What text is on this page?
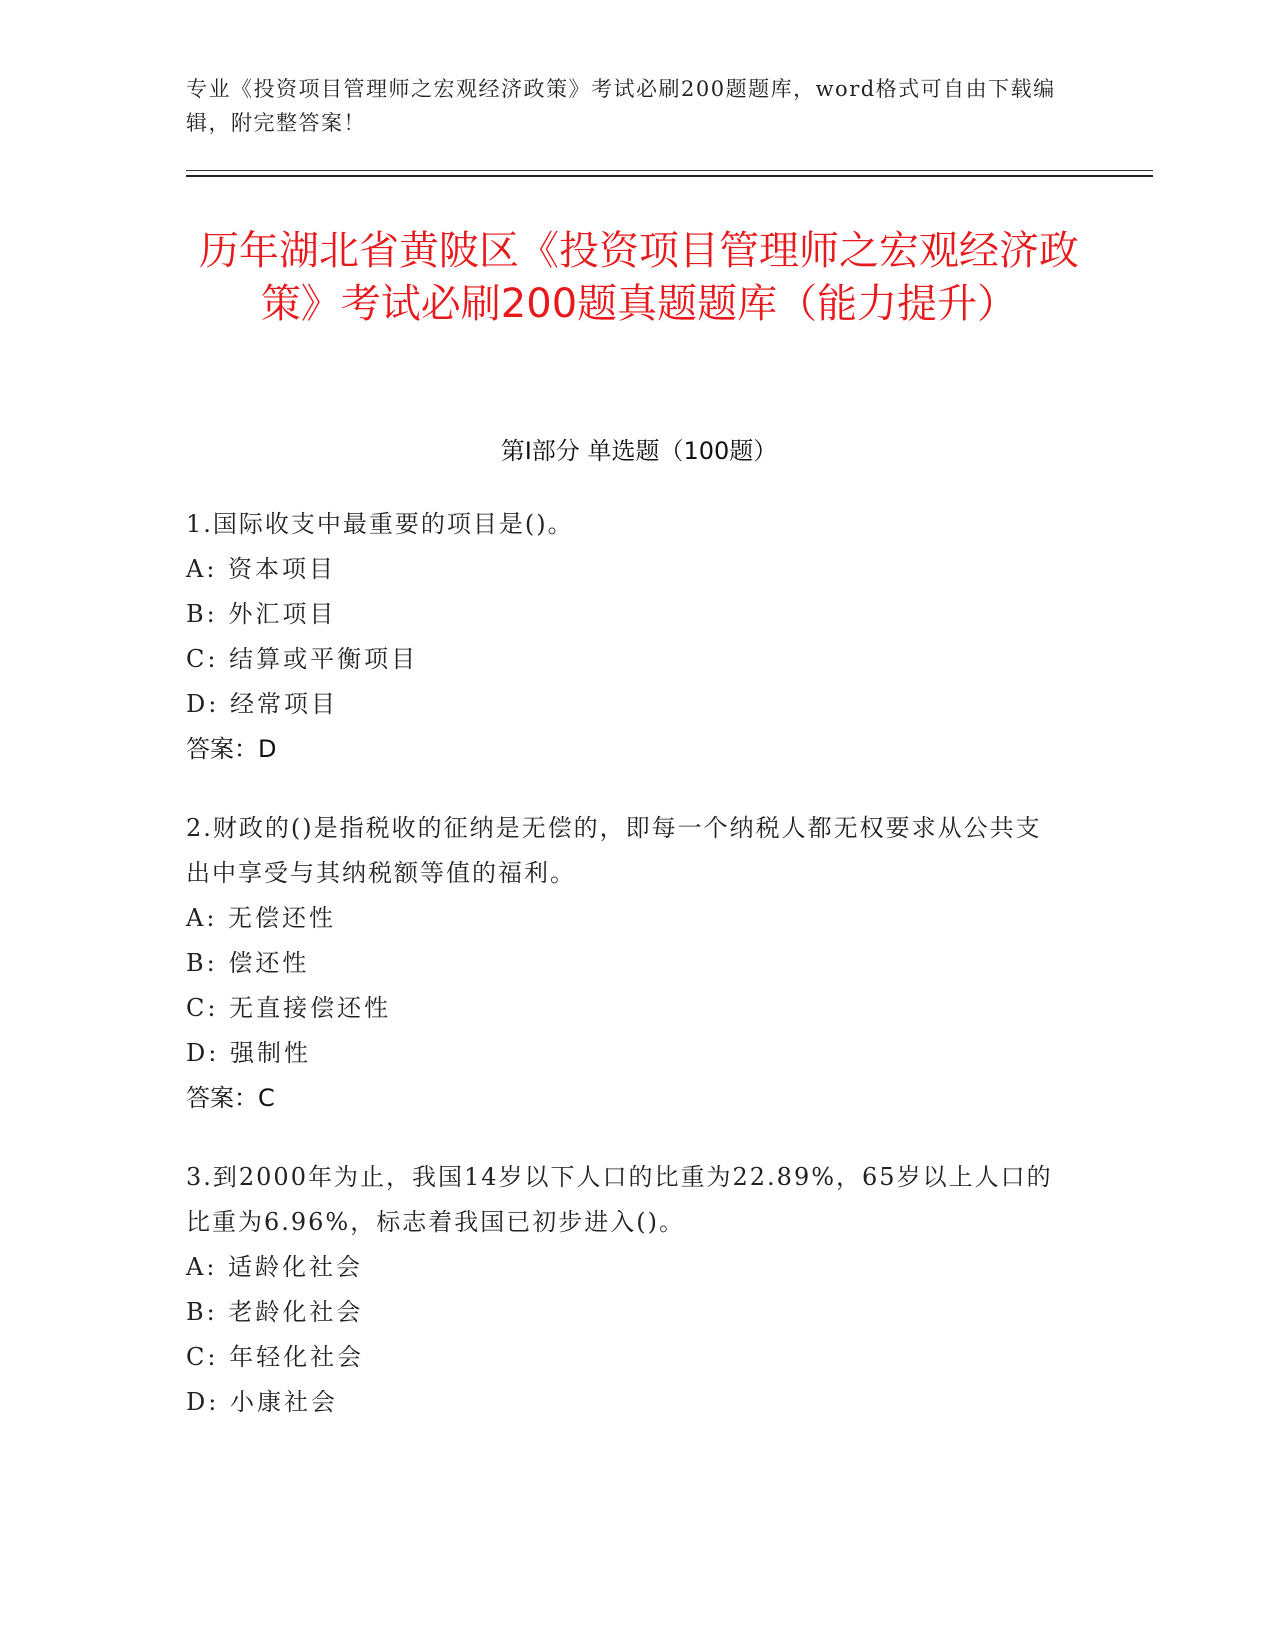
专业《投资项目管理师之宏观经济政策》考试必刷200题题库，word格式可自由下载编辑，附完整答案！
历年湖北省黄陂区《投资项目管理师之宏观经济政策》考试必刷200题真题题库（能力提升）
第I部分 单选题（100题）
1.国际收支中最重要的项目是()。
A: 资本项目
B: 外汇项目
C: 结算或平衡项目
D: 经常项目
答案：D
2.财政的()是指税收的征纳是无偿的，即每一个纳税人都无权要求从公共支出中享受与其纳税额等值的福利。
A: 无偿还性
B: 偿还性
C: 无直接偿还性
D: 强制性
答案：C
3.到2000年为止，我国14岁以下人口的比重为22.89%，65岁以上人口的比重为6.96%，标志着我国已初步进入()。
A: 适龄化社会
B: 老龄化社会
C: 年轻化社会
D: 小康社会
